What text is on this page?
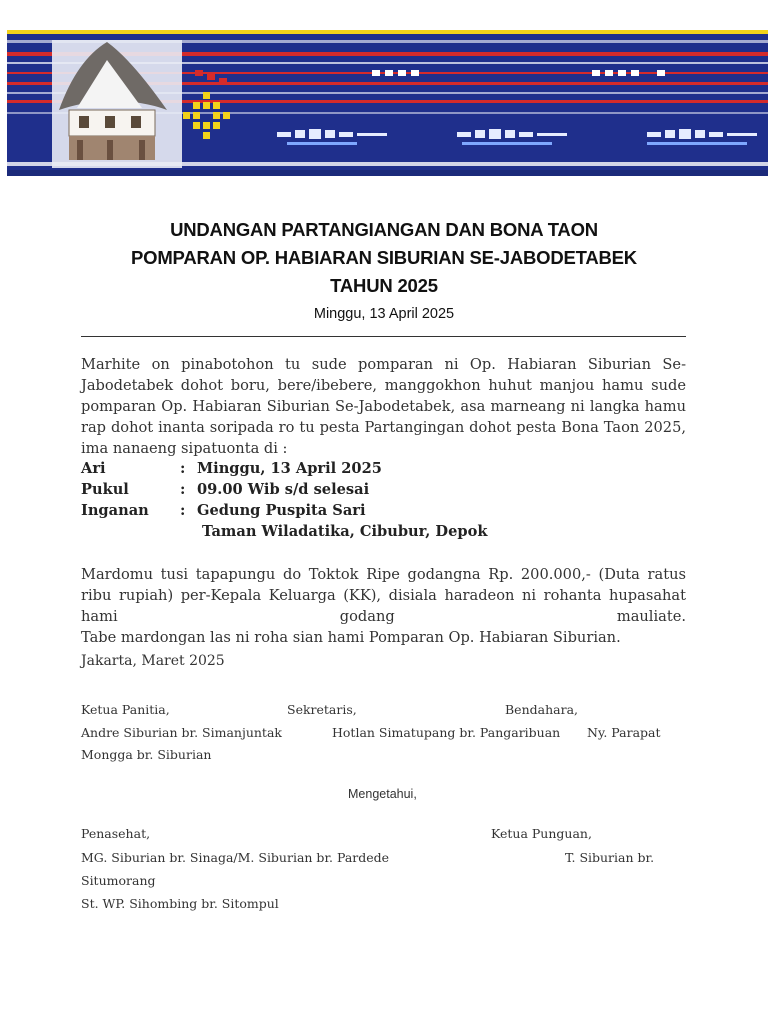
UNDANGAN PARTANGIANGAN DAN BONA TAON
POMPARAN OP. HABIARAN SIBURIAN SE-JABODETABEK
TAHUN 2025
Minggu, 13 April 2025
Marhite on pinabotohon tu sude pomparan ni Op. Habiaran Siburian Se-Jabodetabek dohot boru, bere/ibebere, manggokhon huhut manjou hamu sude pomparan Op. Habiaran Siburian Se-Jabodetabek, asa marneang ni langka hamu rap dohot inanta soripada ro tu pesta Partangingan dohot pesta Bona Taon 2025, ima nanaeng sipatuonta di :
Ari	: Minggu, 13 April 2025
Pukul	: 09.00 Wib s/d selesai
Inganan : Gedung Puspita Sari
Taman Wiladatika, Cibubur, Depok
Mardomu tusi tapapungu do Toktok Ripe godangna Rp. 200.000,- (Duta ratus ribu rupiah) per-Kepala Keluarga (KK), disiala haradeon ni rohanta hupasahat hami godang mauliate.
Tabe mardongan las ni roha sian hami Pomparan Op. Habiaran Siburian.
Jakarta, Maret 2025
Ketua Panitia,	Sekretaris,	Bendahara,
Andre Siburian br. Simanjuntak	Hotlan Simatupang br. Pangaribuan Ny. Parapat
Mongga br. Siburian
Mengetahui,
Penasehat,	Ketua Punguan,
MG. Siburian br. Sinaga/M. Siburian br. Pardede	T. Siburian br.
Situmorang
St. WP. Sihombing br. Sitompul
